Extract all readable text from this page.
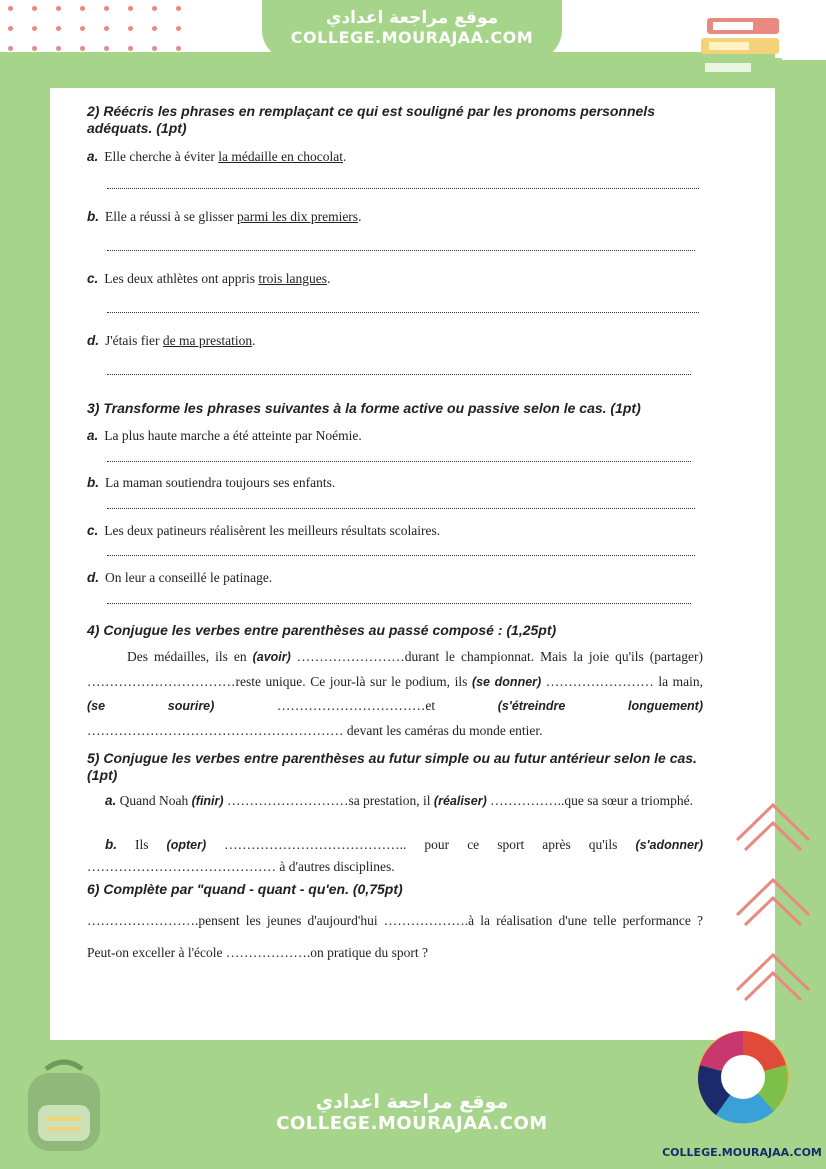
موقع مراجعة اعدادي
COLLEGE.MOURAJAA.COM
2) Réécris les phrases en remplaçant ce qui est souligné par les pronoms personnels adéquats. (1pt)
a. Elle cherche à éviter la médaille en chocolat.
b. Elle a réussi à se glisser parmi les dix premiers.
c. Les deux athlètes ont appris trois langues.
d. J'étais fier de ma prestation.
3) Transforme les phrases suivantes à la forme active ou passive selon le cas. (1pt)
a. La plus haute marche a été atteinte par Noémie.
b. La maman soutiendra toujours ses enfants.
c. Les deux patineurs réalisèrent les meilleurs résultats scolaires.
d. On leur a conseillé le patinage.
4) Conjugue les verbes entre parenthèses au passé composé : (1,25pt)
Des médailles, ils en (avoir) ……………………durant le championnat. Mais la joie qu'ils (partager) ……………………………reste unique. Ce jour-là sur le podium, ils (se donner) …………………… la main, (se sourire) ……………………………et (s'étreindre longuement) ………………………………………………… devant les caméras du monde entier.
5) Conjugue les verbes entre parenthèses au futur simple ou au futur antérieur selon le cas. (1pt)
a. Quand Noah (finir) ………………………sa prestation, il (réaliser) ……………..que sa sœur a triomphé.
b. Ils (opter) ………………………………….. pour ce sport après qu'ils (s'adonner) …………………………………… à d'autres disciplines.
6) Complète par "quand - quant - qu'en. (0,75pt)
…………………….pensent les jeunes d'aujourd'hui ……………….à la réalisation d'une telle performance ? Peut-on exceller à l'école ……………….on pratique du sport ?
موقع مراجعة اعدادي
COLLEGE.MOURAJAA.COM
COLLEGE.MOURAJAA.COM
